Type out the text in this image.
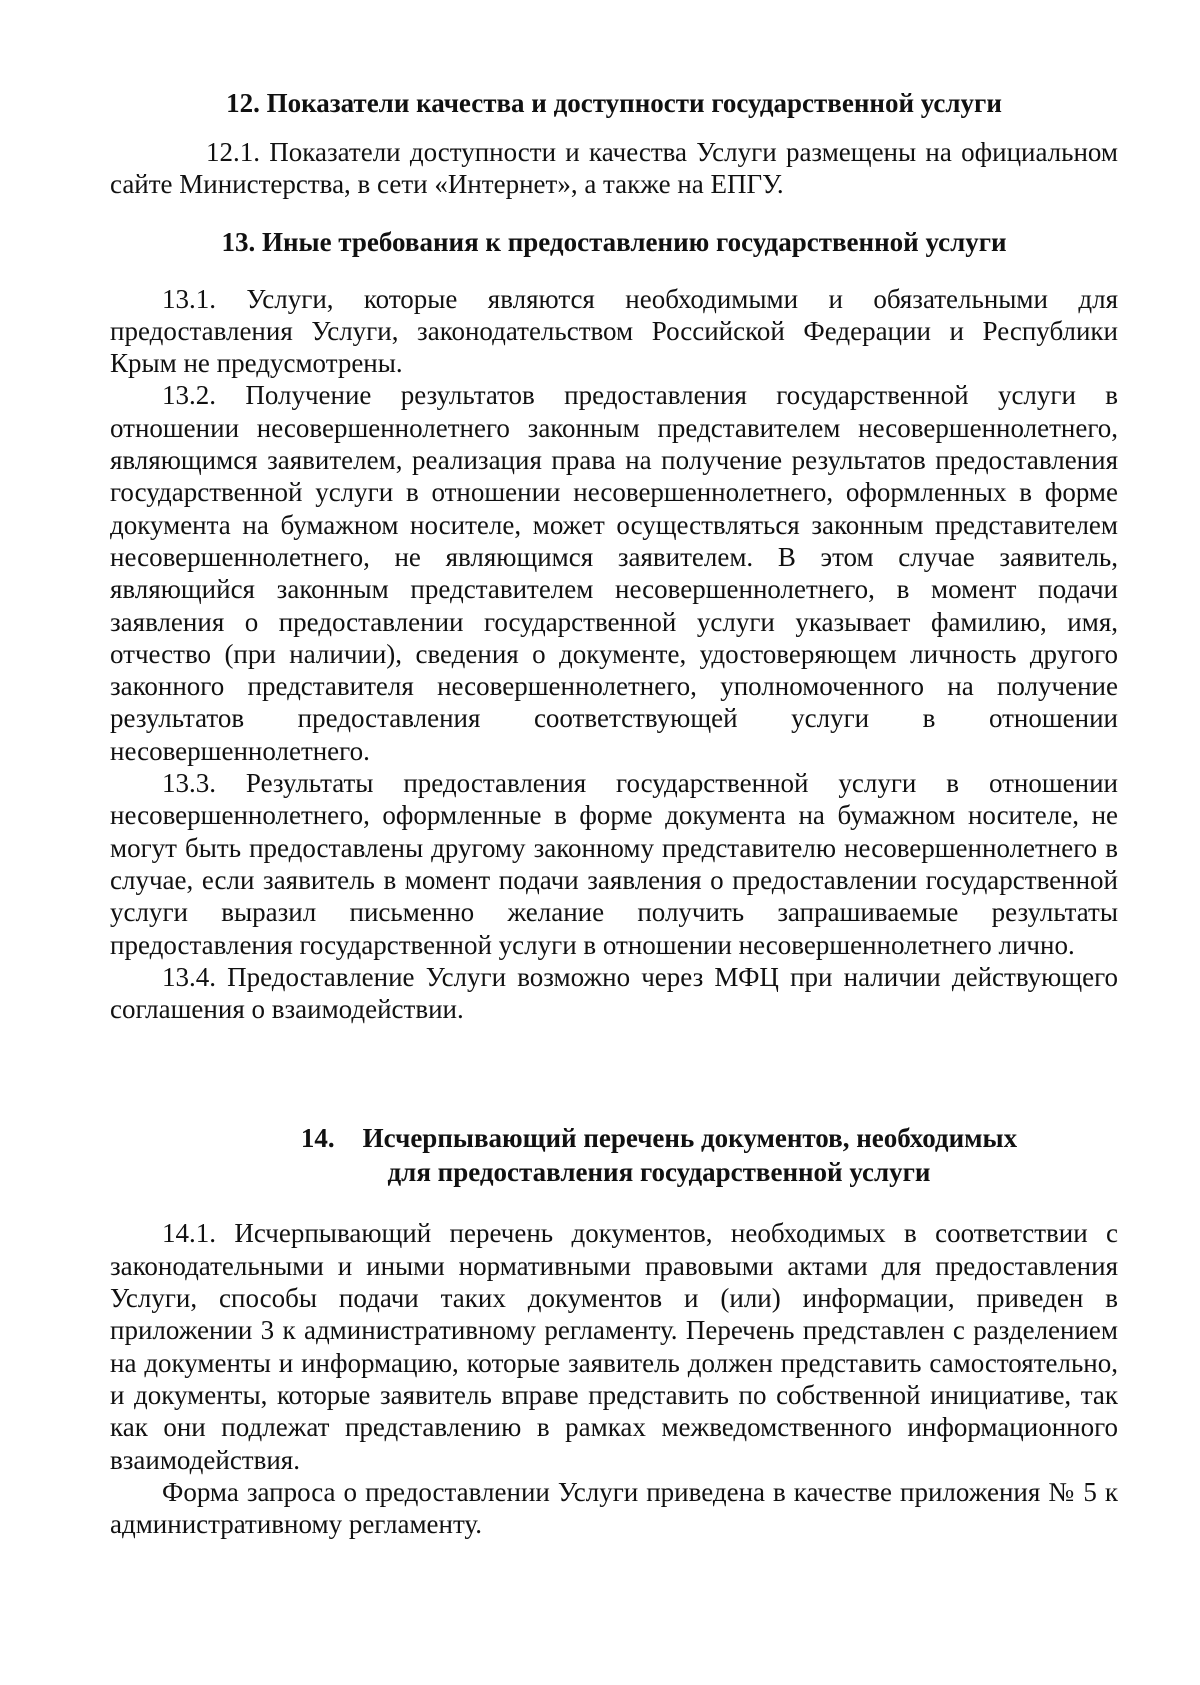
12. Показатели качества и доступности государственной услуги

12.1. Показатели доступности и качества Услуги размещены на официальном сайте Министерства, в сети «Интернет», а также на ЕПГУ.

13. Иные требования к предоставлению государственной услуги

13.1. Услуги, которые являются необходимыми и обязательными для предоставления Услуги, законодательством Российской Федерации и Республики Крым не предусмотрены.

13.2. Получение результатов предоставления государственной услуги в отношении несовершеннолетнего законным представителем несовершеннолетнего, являющимся заявителем, реализация права на получение результатов предоставления государственной услуги в отношении несовершеннолетнего, оформленных в форме документа на бумажном носителе, может осуществляться законным представителем несовершеннолетнего, не являющимся заявителем. В этом случае заявитель, являющийся законным представителем несовершеннолетнего, в момент подачи заявления о предоставлении государственной услуги указывает фамилию, имя, отчество (при наличии), сведения о документе, удостоверяющем личность другого законного представителя несовершеннолетнего, уполномоченного на получение результатов предоставления соответствующей услуги в отношении несовершеннолетнего.

13.3. Результаты предоставления государственной услуги в отношении несовершеннолетнего, оформленные в форме документа на бумажном носителе, не могут быть предоставлены другому законному представителю несовершеннолетнего в случае, если заявитель в момент подачи заявления о предоставлении государственной услуги выразил письменно желание получить запрашиваемые результаты предоставления государственной услуги в отношении несовершеннолетнего лично.

13.4. Предоставление Услуги возможно через МФЦ при наличии действующего соглашения о взаимодействии.

14. Исчерпывающий перечень документов, необходимых
для предоставления государственной услуги

14.1. Исчерпывающий перечень документов, необходимых в соответствии с законодательными и иными нормативными правовыми актами для предоставления Услуги, способы подачи таких документов и (или) информации, приведен в приложении 3 к административному регламенту. Перечень представлен с разделением на документы и информацию, которые заявитель должен представить самостоятельно, и документы, которые заявитель вправе представить по собственной инициативе, так как они подлежат представлению в рамках межведомственного информационного взаимодействия.

Форма запроса о предоставлении Услуги приведена в качестве приложения № 5 к административному регламенту.
